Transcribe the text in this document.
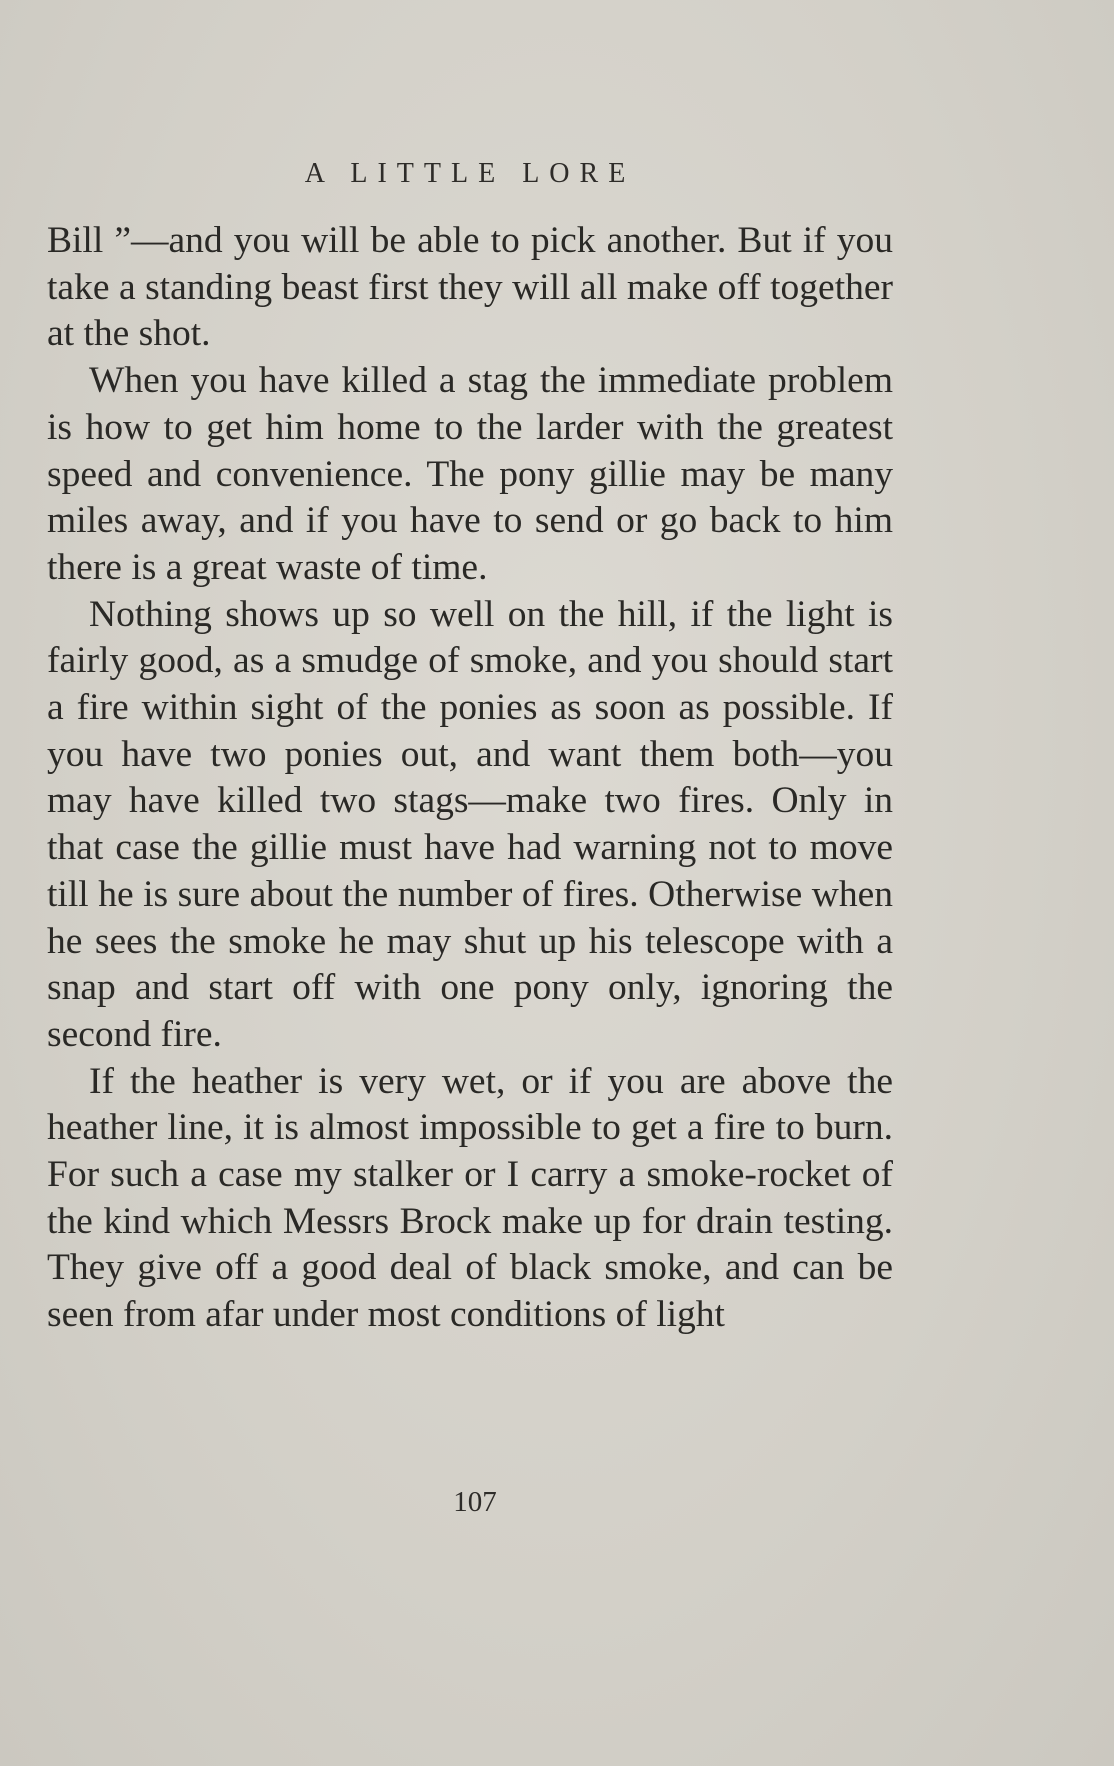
A LITTLE LORE

Bill ”—and you will be able to pick another. But if you take a standing beast first they will all make off together at the shot.

When you have killed a stag the immediate problem is how to get him home to the larder with the greatest speed and convenience. The pony gillie may be many miles away, and if you have to send or go back to him there is a great waste of time.

Nothing shows up so well on the hill, if the light is fairly good, as a smudge of smoke, and you should start a fire within sight of the ponies as soon as possible. If you have two ponies out, and want them both—you may have killed two stags—make two fires. Only in that case the gillie must have had warning not to move till he is sure about the number of fires. Otherwise when he sees the smoke he may shut up his telescope with a snap and start off with one pony only, ignoring the second fire.

If the heather is very wet, or if you are above the heather line, it is almost impossible to get a fire to burn. For such a case my stalker or I carry a smoke-rocket of the kind which Messrs Brock make up for drain testing. They give off a good deal of black smoke, and can be seen from afar under most conditions of light

107
